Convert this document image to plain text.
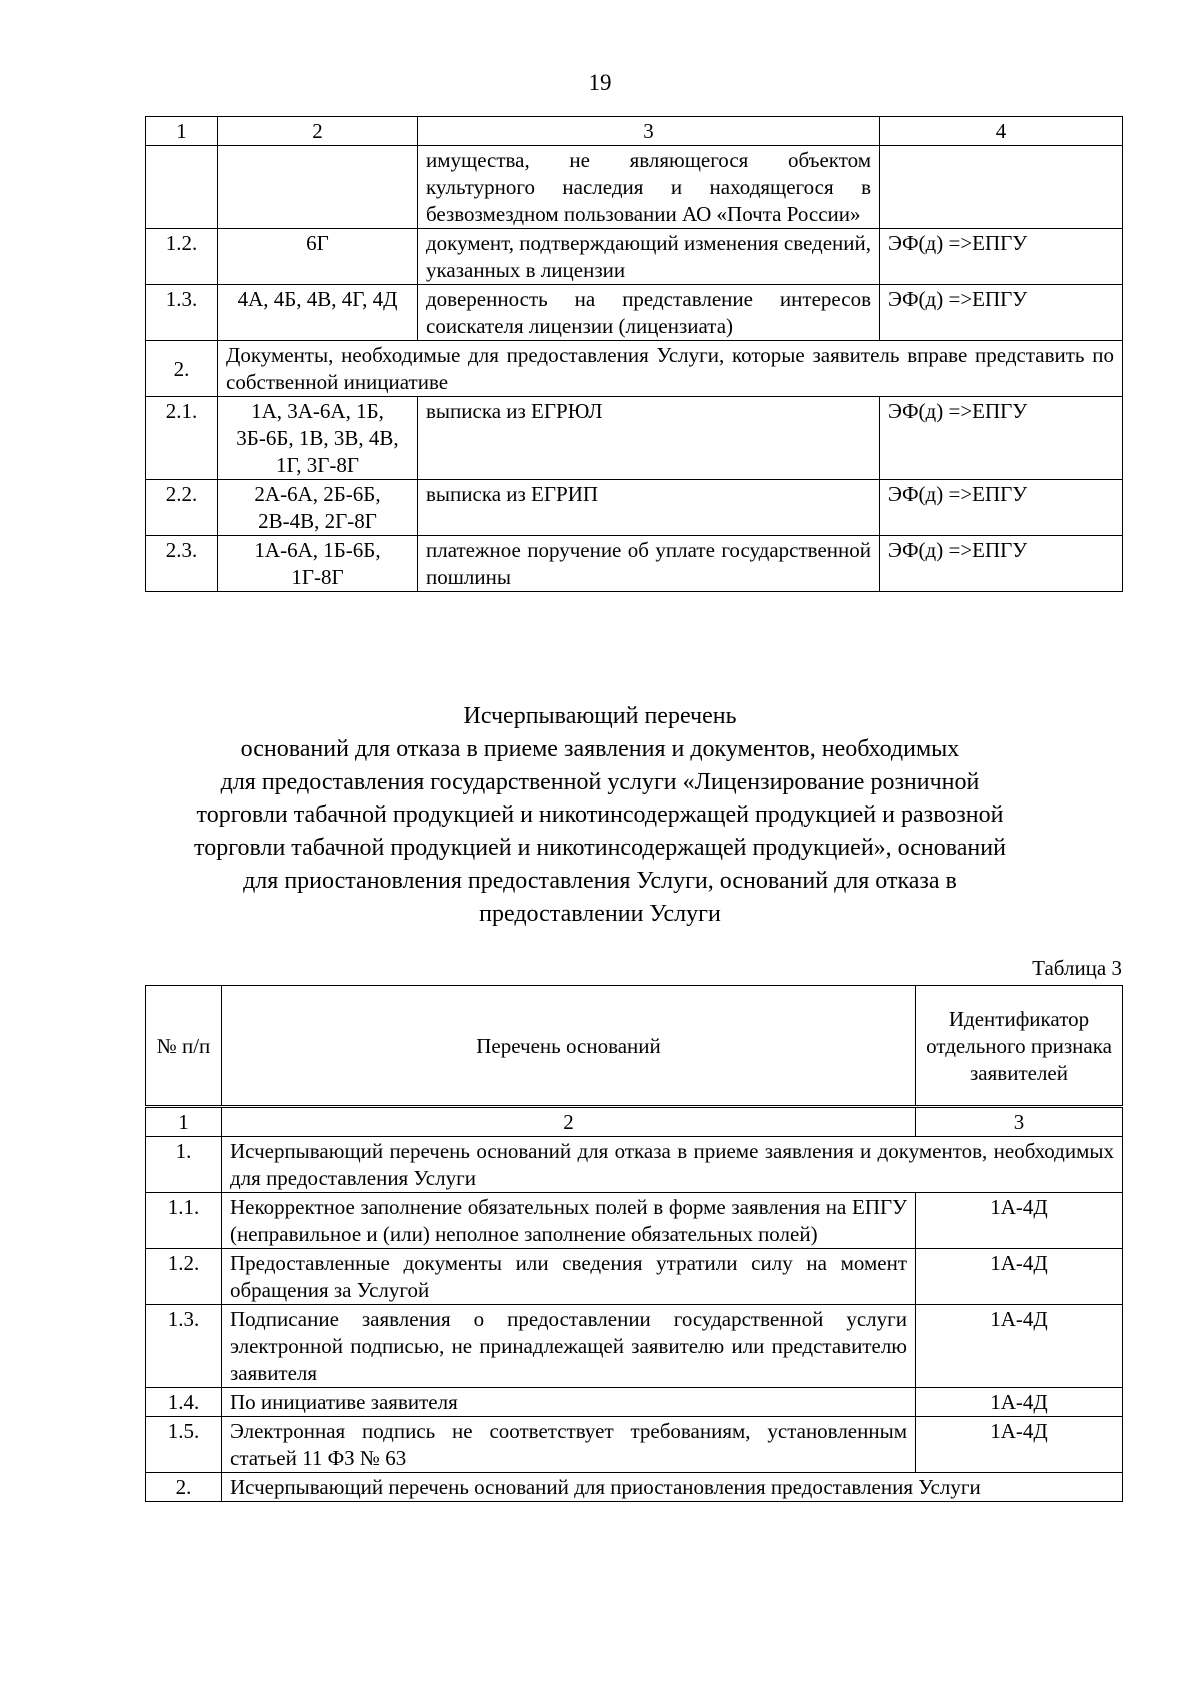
19
1	2	3	4
		имущества, не являющегося объектом культурного наследия и находящегося в безвозмездном пользовании АО «Почта России»	
1.2.	6Г	документ, подтверждающий изменения сведений, указанных в лицензии	ЭФ(д) =>ЕПГУ
1.3.	4А, 4Б, 4В, 4Г, 4Д	доверенность на представление интересов соискателя лицензии (лицензиата)	ЭФ(д) =>ЕПГУ
2.	Документы, необходимые для предоставления Услуги, которые заявитель вправе представить по собственной инициативе		
2.1.	1А, 3А-6А, 1Б, 3Б-6Б, 1В, 3В, 4В, 1Г, 3Г-8Г	выписка из ЕГРЮЛ	ЭФ(д) =>ЕПГУ
2.2.	2А-6А, 2Б-6Б, 2В-4В, 2Г-8Г	выписка из ЕГРИП	ЭФ(д) =>ЕПГУ
2.3.	1А-6А, 1Б-6Б, 1Г-8Г	платежное поручение об уплате государственной пошлины	ЭФ(д) =>ЕПГУ
Исчерпывающий перечень
оснований для отказа в приеме заявления и документов, необходимых
для предоставления государственной услуги «Лицензирование розничной
торговли табачной продукцией и никотинсодержащей продукцией и развозной
торговли табачной продукцией и никотинсодержащей продукцией», оснований
для приостановления предоставления Услуги, оснований для отказа в
предоставлении Услуги
Таблица 3
№ п/п	Перечень оснований	Идентификатор отдельного признака заявителей
1	2	3
1.	Исчерпывающий перечень оснований для отказа в приеме заявления и документов, необходимых для предоставления Услуги	
1.1.	Некорректное заполнение обязательных полей в форме заявления на ЕПГУ (неправильное и (или) неполное заполнение обязательных полей)	1А-4Д
1.2.	Предоставленные документы или сведения утратили силу на момент обращения за Услугой	1А-4Д
1.3.	Подписание заявления о предоставлении государственной услуги электронной подписью, не принадлежащей заявителю или представителю заявителя	1А-4Д
1.4.	По инициативе заявителя	1А-4Д
1.5.	Электронная подпись не соответствует требованиям, установленным статьей 11 ФЗ № 63	1А-4Д
2.	Исчерпывающий перечень оснований для приостановления предоставления Услуги	
